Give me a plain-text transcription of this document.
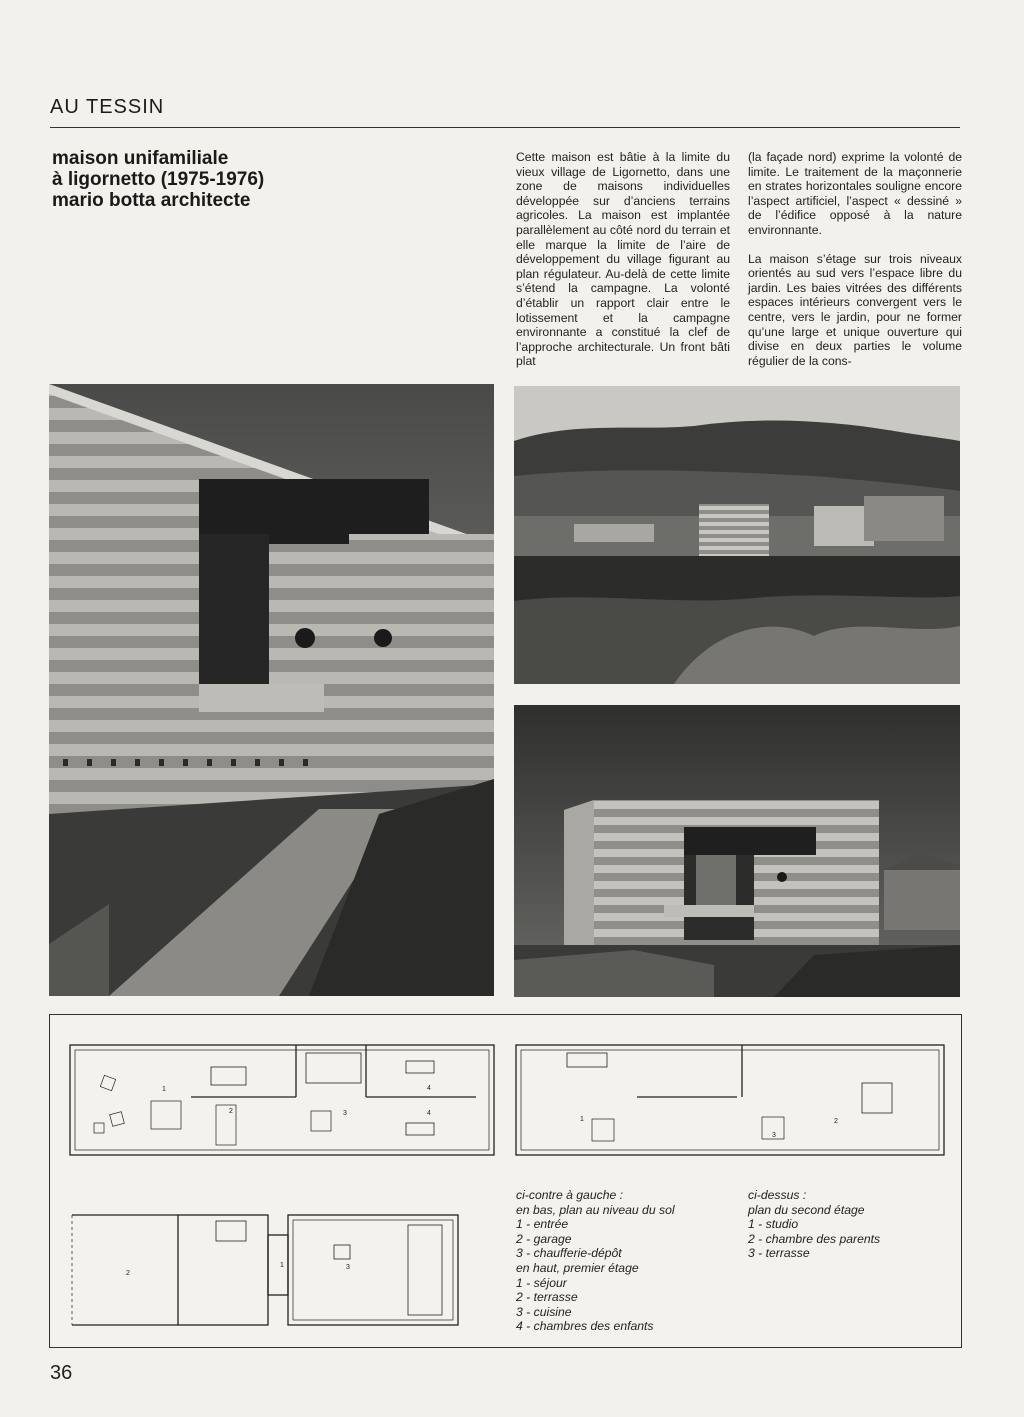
AU TESSIN
maison unifamiliale
à ligornetto (1975-1976)
mario botta architecte

Cette maison est bâtie à la limite du vieux village de Ligornetto, dans une zone de maisons individuelles développée sur d’anciens terrains agricoles. La maison est implantée parallèlement au côté nord du terrain et elle marque la limite de l’aire de développement du village figurant au plan régulateur. Au-delà de cette limite s’étend la campagne. La volonté d’établir un rapport clair entre le lotissement et la campagne environnante a constitué la clef de l’approche architecturale. Un front bâti plat

(la façade nord) exprime la volonté de limite. Le traitement de la maçonnerie en strates horizontales souligne encore l’aspect artificiel, l’aspect « dessiné » de l’édifice opposé à la nature environnante.

La maison s’étage sur trois niveaux orientés au sud vers l’espace libre du jardin. Les baies vitrées des différents espaces intérieurs convergent vers le centre, vers le jardin, pour ne former qu’une large et unique ouverture qui divise en deux parties le volume régulier de la cons-

1
2	3
4
4
1	2
3
2
1	3
ci-contre à gauche :
en bas, plan au niveau du sol
1 - entrée
2 - garage
3 - chaufferie-dépôt
en haut, premier étage
1 - séjour
2 - terrasse
3 - cuisine
4 - chambres des enfants
ci-dessus :
plan du second étage
1 - studio
2 - chambre des parents
3 - terrasse
36
